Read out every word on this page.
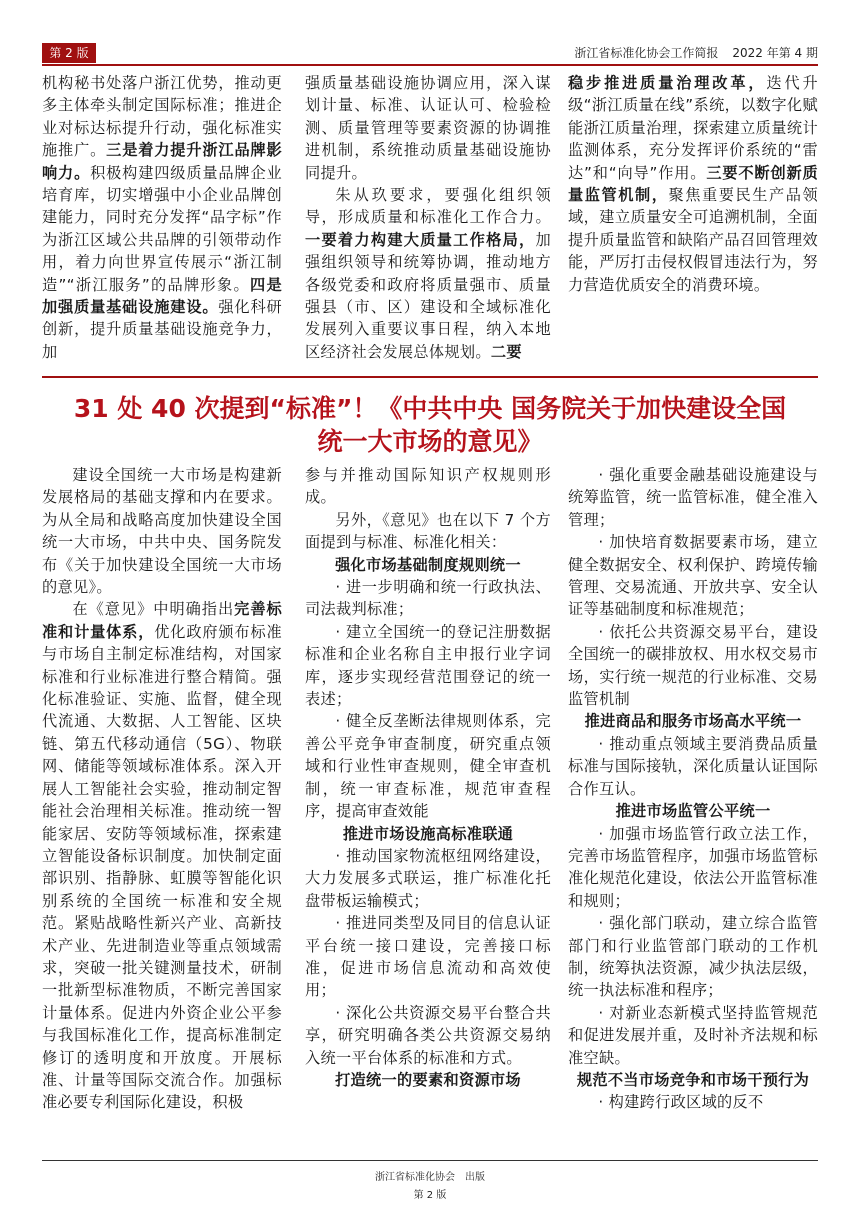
第 2 版	浙江省标准化协会工作简报 2022 年第 4 期

机构秘书处落户浙江优势，推动更多主体牵头制定国际标准；推进企业对标达标提升行动，强化标准实施推广。三是着力提升浙江品牌影响力。积极构建四级质量品牌企业培育库，切实增强中小企业品牌创建能力，同时充分发挥“品字标”作为浙江区域公共品牌的引领带动作用，着力向世界宣传展示“浙江制造”“浙江服务”的品牌形象。四是加强质量基础设施建设。强化科研创新，提升质量基础设施竞争力，加

强质量基础设施协调应用，深入谋划计量、标准、认证认可、检验检测、质量管理等要素资源的协调推进机制，系统推动质量基础设施协同提升。

朱从玖要求，要强化组织领导，形成质量和标准化工作合力。一要着力构建大质量工作格局，加强组织领导和统筹协调，推动地方各级党委和政府将质量强市、质量强县（市、区）建设和全域标准化发展列入重要议事日程，纳入本地区经济社会发展总体规划。二要

稳步推进质量治理改革，迭代升级“浙江质量在线”系统，以数字化赋能浙江质量治理，探索建立质量统计监测体系，充分发挥评价系统的“雷达”和“向导”作用。三要不断创新质量监管机制，聚焦重要民生产品领域，建立质量安全可追溯机制，全面提升质量监管和缺陷产品召回管理效能，严厉打击侵权假冒违法行为，努力营造优质安全的消费环境。

31 处 40 次提到“标准”！《中共中央 国务院关于加快建设全国
统一大市场的意见》

建设全国统一大市场是构建新发展格局的基础支撑和内在要求。为从全局和战略高度加快建设全国统一大市场，中共中央、国务院发布《关于加快建设全国统一大市场的意见》。

在《意见》中明确指出完善标准和计量体系，优化政府颁布标准与市场自主制定标准结构，对国家标准和行业标准进行整合精简。强化标准验证、实施、监督，健全现代流通、大数据、人工智能、区块链、第五代移动通信（5G）、物联网、储能等领域标准体系。深入开展人工智能社会实验，推动制定智能社会治理相关标准。推动统一智能家居、安防等领域标准，探索建立智能设备标识制度。加快制定面部识别、指静脉、虹膜等智能化识别系统的全国统一标准和安全规范。紧贴战略性新兴产业、高新技术产业、先进制造业等重点领域需求，突破一批关键测量技术，研制一批新型标准物质，不断完善国家计量体系。促进内外资企业公平参与我国标准化工作，提高标准制定修订的透明度和开放度。开展标准、计量等国际交流合作。加强标准必要专利国际化建设，积极

参与并推动国际知识产权规则形成。

另外，《意见》也在以下 7 个方面提到与标准、标准化相关：

强化市场基础制度规则统一

· 进一步明确和统一行政执法、司法裁判标准；

· 建立全国统一的登记注册数据标准和企业名称自主申报行业字词库，逐步实现经营范围登记的统一表述；

· 健全反垄断法律规则体系，完善公平竞争审查制度，研究重点领域和行业性审查规则，健全审查机制，统一审查标准，规范审查程序，提高审查效能

推进市场设施高标准联通

· 推动国家物流枢纽网络建设，大力发展多式联运，推广标准化托盘带板运输模式；

· 推进同类型及同目的信息认证平台统一接口建设，完善接口标准，促进市场信息流动和高效使用；

· 深化公共资源交易平台整合共享，研究明确各类公共资源交易纳入统一平台体系的标准和方式。

打造统一的要素和资源市场

· 强化重要金融基础设施建设与统筹监管，统一监管标准，健全准入管理；

· 加快培育数据要素市场，建立健全数据安全、权利保护、跨境传输管理、交易流通、开放共享、安全认证等基础制度和标准规范；

· 依托公共资源交易平台，建设全国统一的碳排放权、用水权交易市场，实行统一规范的行业标准、交易监管机制

推进商品和服务市场高水平统一

· 推动重点领域主要消费品质量标准与国际接轨，深化质量认证国际合作互认。

推进市场监管公平统一

· 加强市场监管行政立法工作，完善市场监管程序，加强市场监管标准化规范化建设，依法公开监管标准和规则；

· 强化部门联动，建立综合监管部门和行业监管部门联动的工作机制，统筹执法资源，减少执法层级，统一执法标准和程序；

· 对新业态新模式坚持监管规范和促进发展并重，及时补齐法规和标准空缺。

规范不当市场竞争和市场干预行为

· 构建跨行政区域的反不

浙江省标准化协会　出版
第 2 版
